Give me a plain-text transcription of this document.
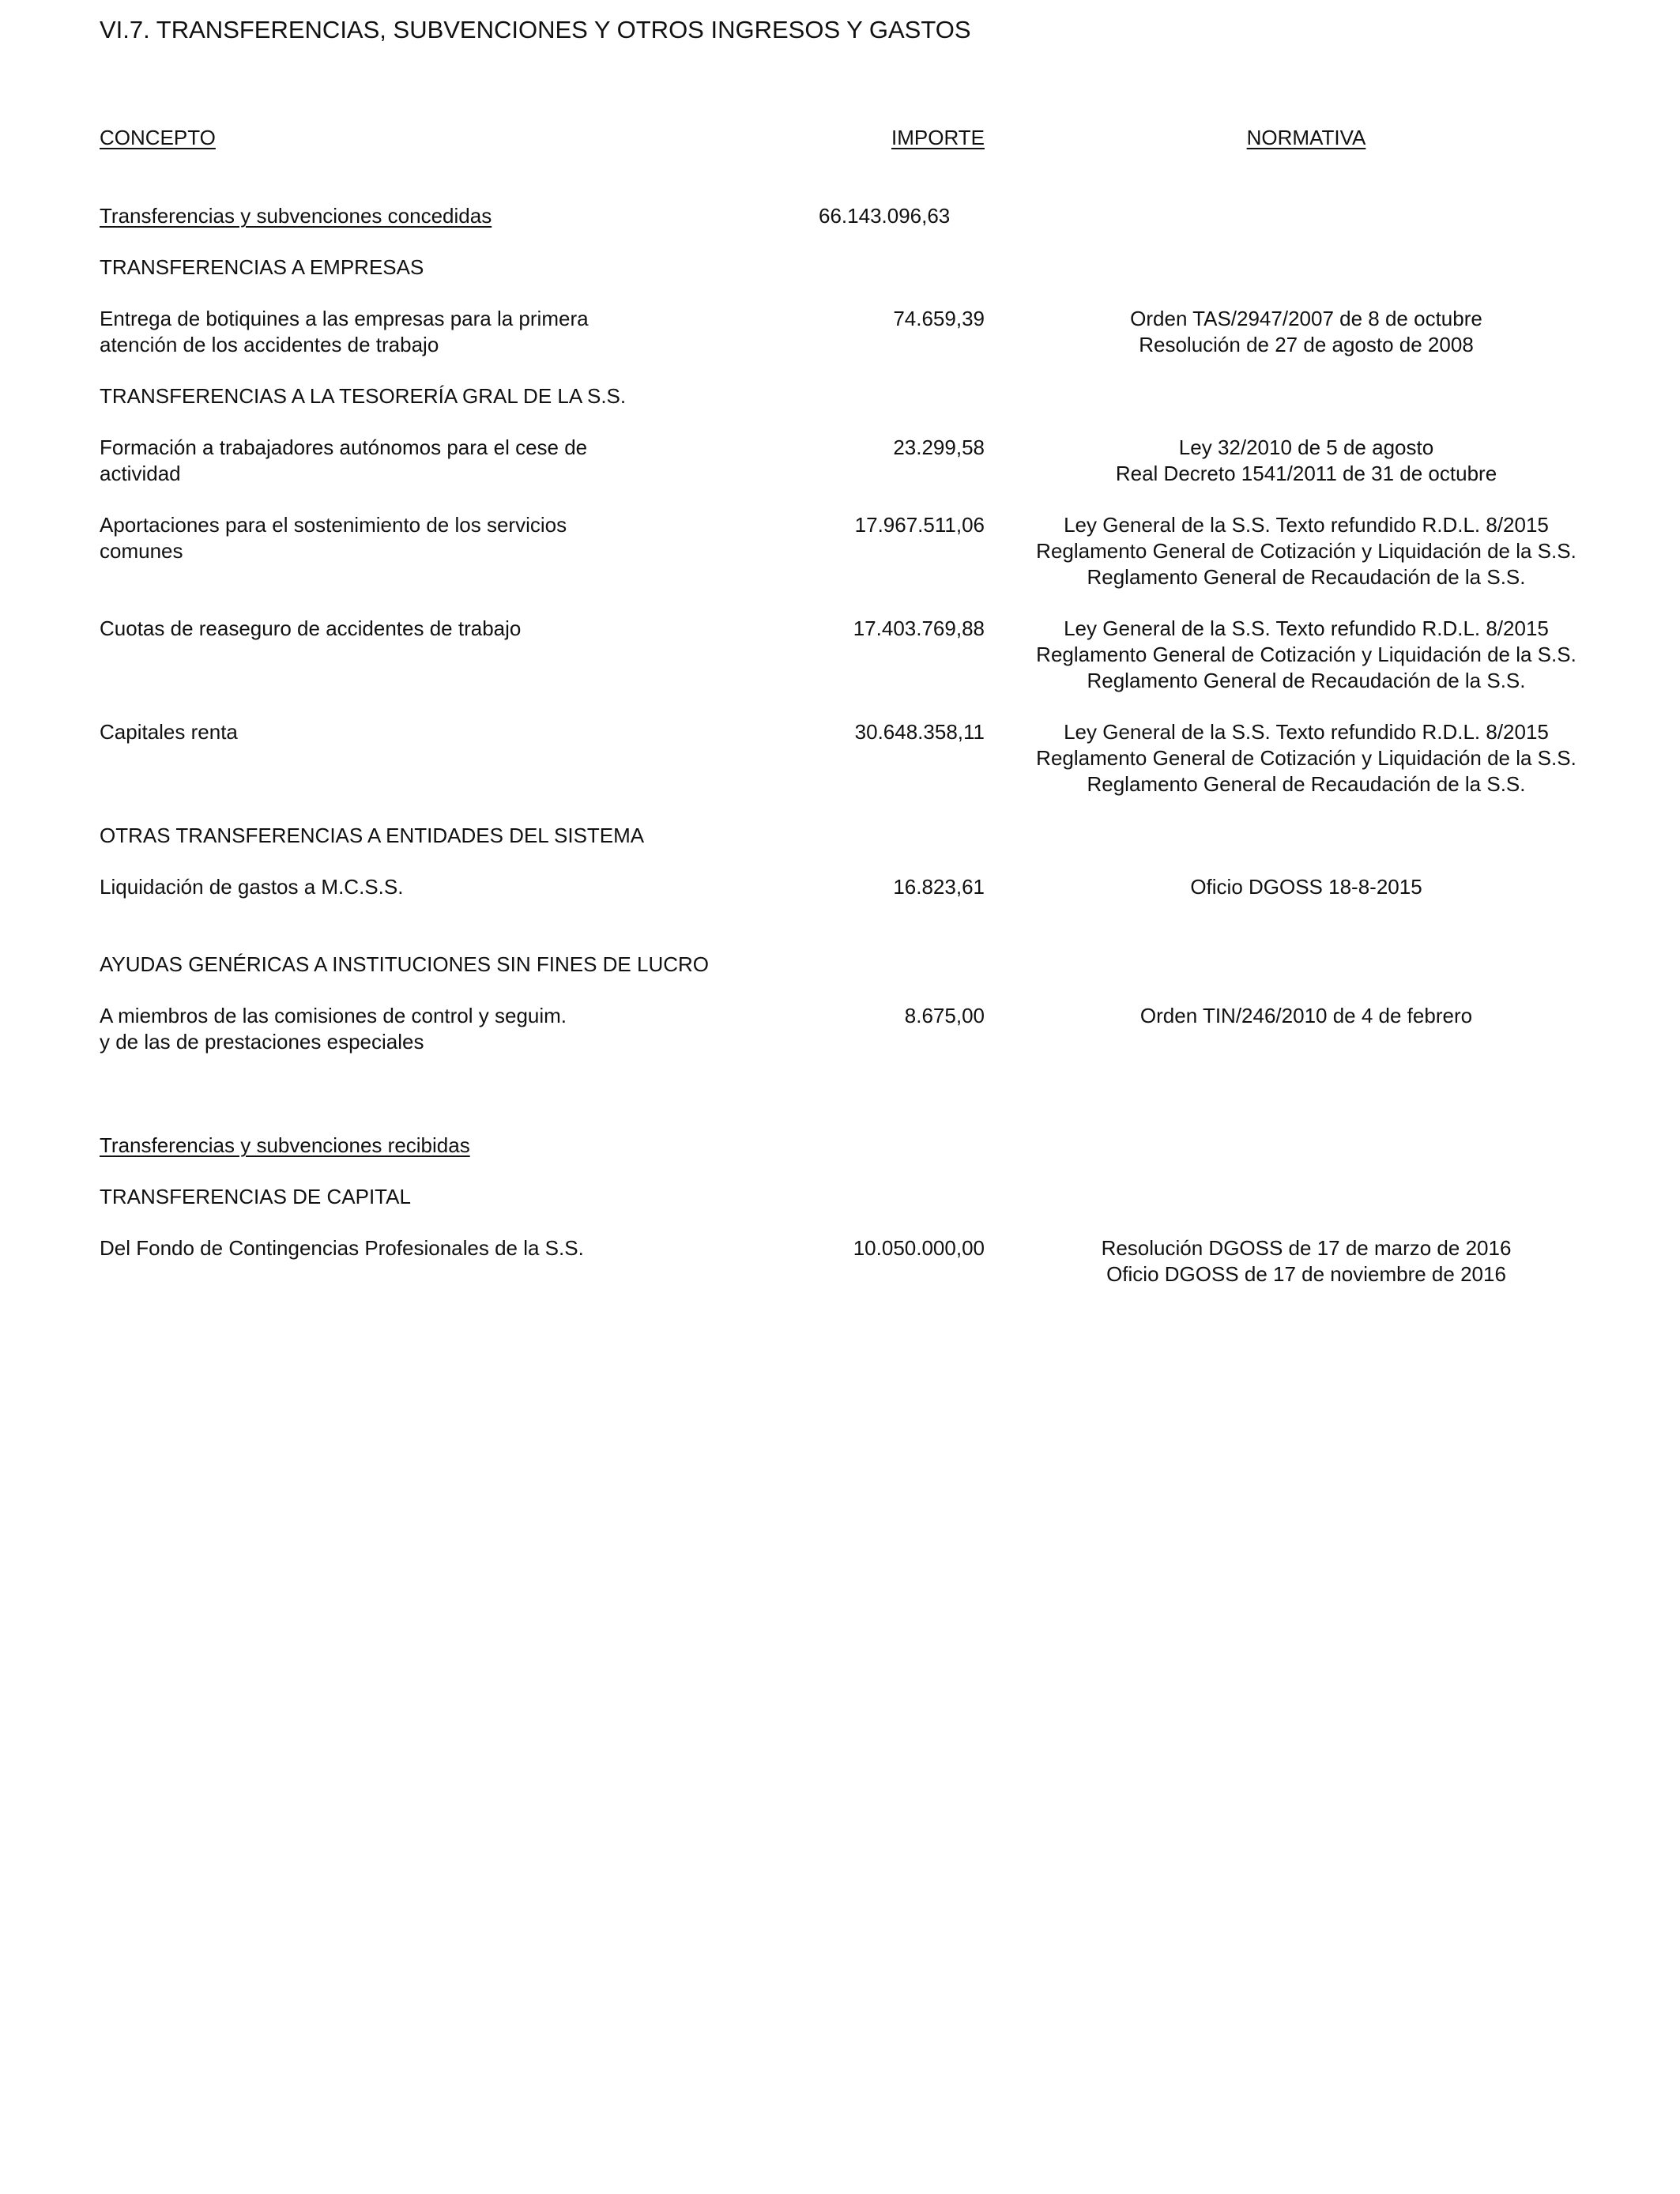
VI.7. TRANSFERENCIAS, SUBVENCIONES Y OTROS INGRESOS Y GASTOS
CONCEPTO	IMPORTE	NORMATIVA
Transferencias y subvenciones concedidas	66.143.096,63
TRANSFERENCIAS A EMPRESAS
Entrega de botiquines a las empresas para la primera
atención de los accidentes de trabajo
74.659,39	Orden TAS/2947/2007 de 8 de octubre
Resolución de 27 de agosto de 2008
TRANSFERENCIAS A LA TESORERÍA GRAL DE LA S.S.
Formación a trabajadores autónomos para el cese de
actividad
23.299,58	Ley 32/2010 de 5 de agosto
Real Decreto 1541/2011 de 31 de octubre
Aportaciones para el sostenimiento de los servicios
comunes
17.967.511,06	Ley General de la S.S. Texto refundido R.D.L. 8/2015
Reglamento General de Cotización y Liquidación de la S.S.
Reglamento General de Recaudación de la S.S.
Cuotas de reaseguro de accidentes de trabajo	17.403.769,88	Ley General de la S.S. Texto refundido R.D.L. 8/2015
Reglamento General de Cotización y Liquidación de la S.S.
Reglamento General de Recaudación de la S.S.
Capitales renta	30.648.358,11	Ley General de la S.S. Texto refundido R.D.L. 8/2015
Reglamento General de Cotización y Liquidación de la S.S.
Reglamento General de Recaudación de la S.S.
OTRAS TRANSFERENCIAS A ENTIDADES DEL SISTEMA
Liquidación de gastos a M.C.S.S.	16.823,61	Oficio DGOSS 18-8-2015
AYUDAS GENÉRICAS A INSTITUCIONES SIN FINES DE LUCRO
A miembros de las comisiones de control y seguim.
y de las de prestaciones especiales
8.675,00	Orden TIN/246/2010 de 4 de febrero
Transferencias y subvenciones recibidas
TRANSFERENCIAS DE CAPITAL
Del Fondo de Contingencias Profesionales de la S.S.	10.050.000,00	Resolución DGOSS de 17 de marzo de 2016
Oficio DGOSS de 17 de noviembre de 2016
